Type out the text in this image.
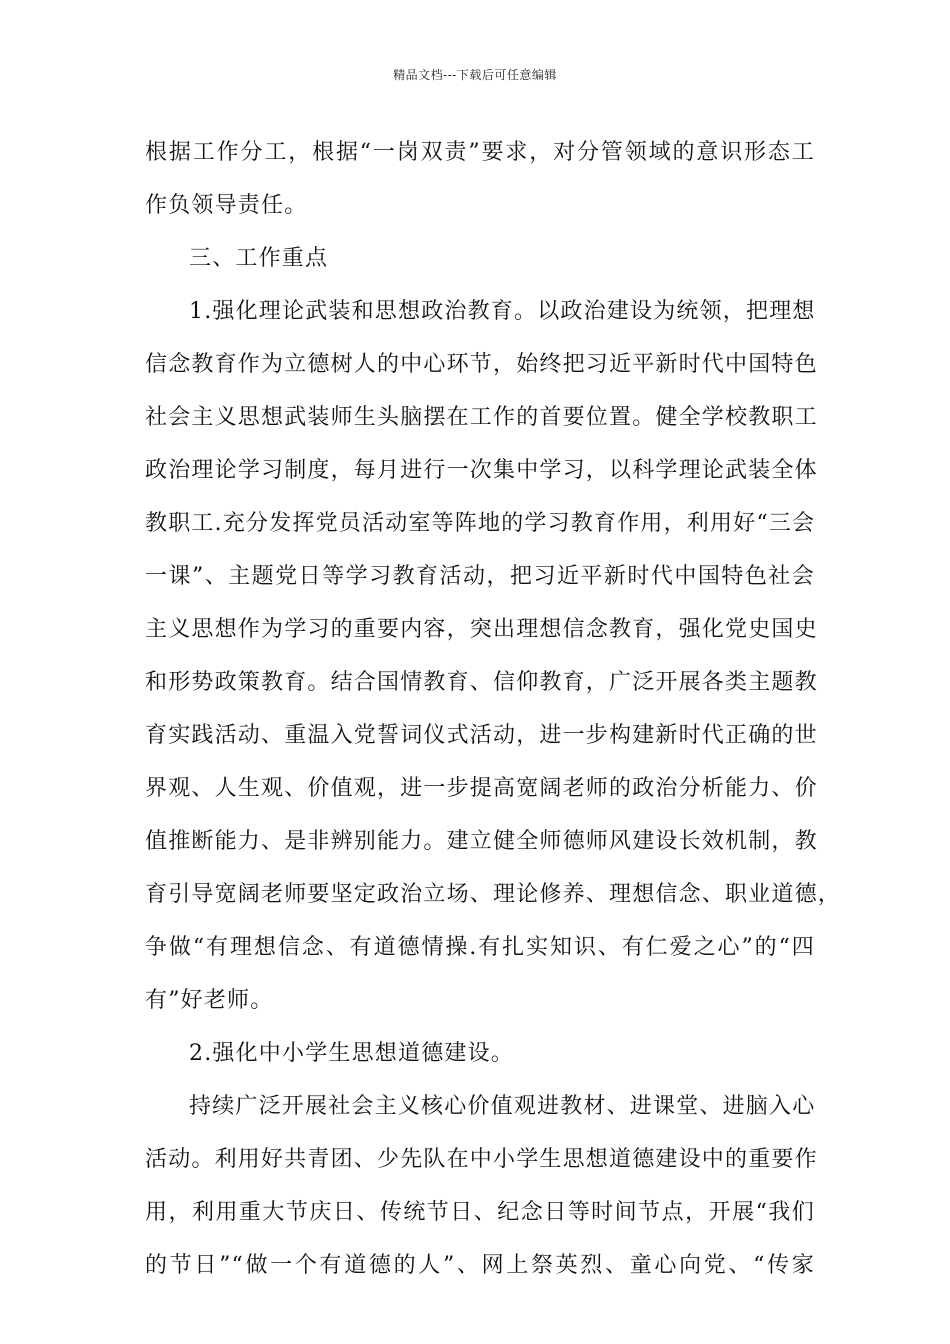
精品文档---下载后可任意编辑
根据工作分工，根据“一岗双责”要求，对分管领域的意识形态工
作负领导责任。
三、工作重点
1.强化理论武装和思想政治教育。以政治建设为统领，把理想
信念教育作为立德树人的中心环节，始终把习近平新时代中国特色
社会主义思想武装师生头脑摆在工作的首要位置。健全学校教职工
政治理论学习制度，每月进行一次集中学习，以科学理论武装全体
教职工.充分发挥党员活动室等阵地的学习教育作用，利用好“三会
一课”、主题党日等学习教育活动，把习近平新时代中国特色社会
主义思想作为学习的重要内容，突出理想信念教育，强化党史国史
和形势政策教育。结合国情教育、信仰教育，广泛开展各类主题教
育实践活动、重温入党誓词仪式活动，进一步构建新时代正确的世
界观、人生观、价值观，进一步提高宽阔老师的政治分析能力、价
值推断能力、是非辨别能力。建立健全师德师风建设长效机制，教
育引导宽阔老师要坚定政治立场、理论修养、理想信念、职业道德，
争做“有理想信念、有道德情操.有扎实知识、有仁爱之心”的“四
有”好老师。
2.强化中小学生思想道德建设。
持续广泛开展社会主义核心价值观进教材、进课堂、进脑入心
活动。利用好共青团、少先队在中小学生思想道德建设中的重要作
用，利用重大节庆日、传统节日、纪念日等时间节点，开展“我们
的节日”“做一个有道德的人”、网上祭英烈、童心向党、“传家
